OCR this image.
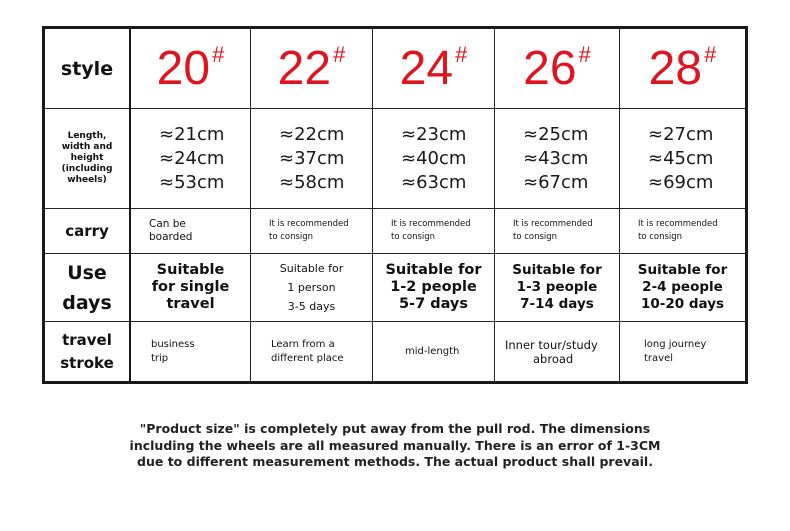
style 20# 22# 24# 26# 28#
Length,
width and
height
(including
wheels)
≈21cm
≈24cm
≈53cm
≈22cm
≈37cm
≈58cm
≈23cm
≈40cm
≈63cm
≈25cm
≈43cm
≈67cm
≈27cm
≈45cm
≈69cm
carry	Can be
boarded
It is recommended
to consign
It is recommended
to consign
It is recommended
to consign
It is recommended
to consign
Use
days
Suitable
for single
travel
Suitable for
1 person
3-5 days
Suitable for
1-2 people
5-7 days
Suitable for
1-3 people
7-14 days
Suitable for
2-4 people
10-20 days
travel
stroke
business
trip
Learn from a
different place
mid-length	Inner tour/study
abroad
long journey
travel
"Product size" is completely put away from the pull rod. The dimensions
including the wheels are all measured manually. There is an error of 1-3CM
due to different measurement methods. The actual product shall prevail.
